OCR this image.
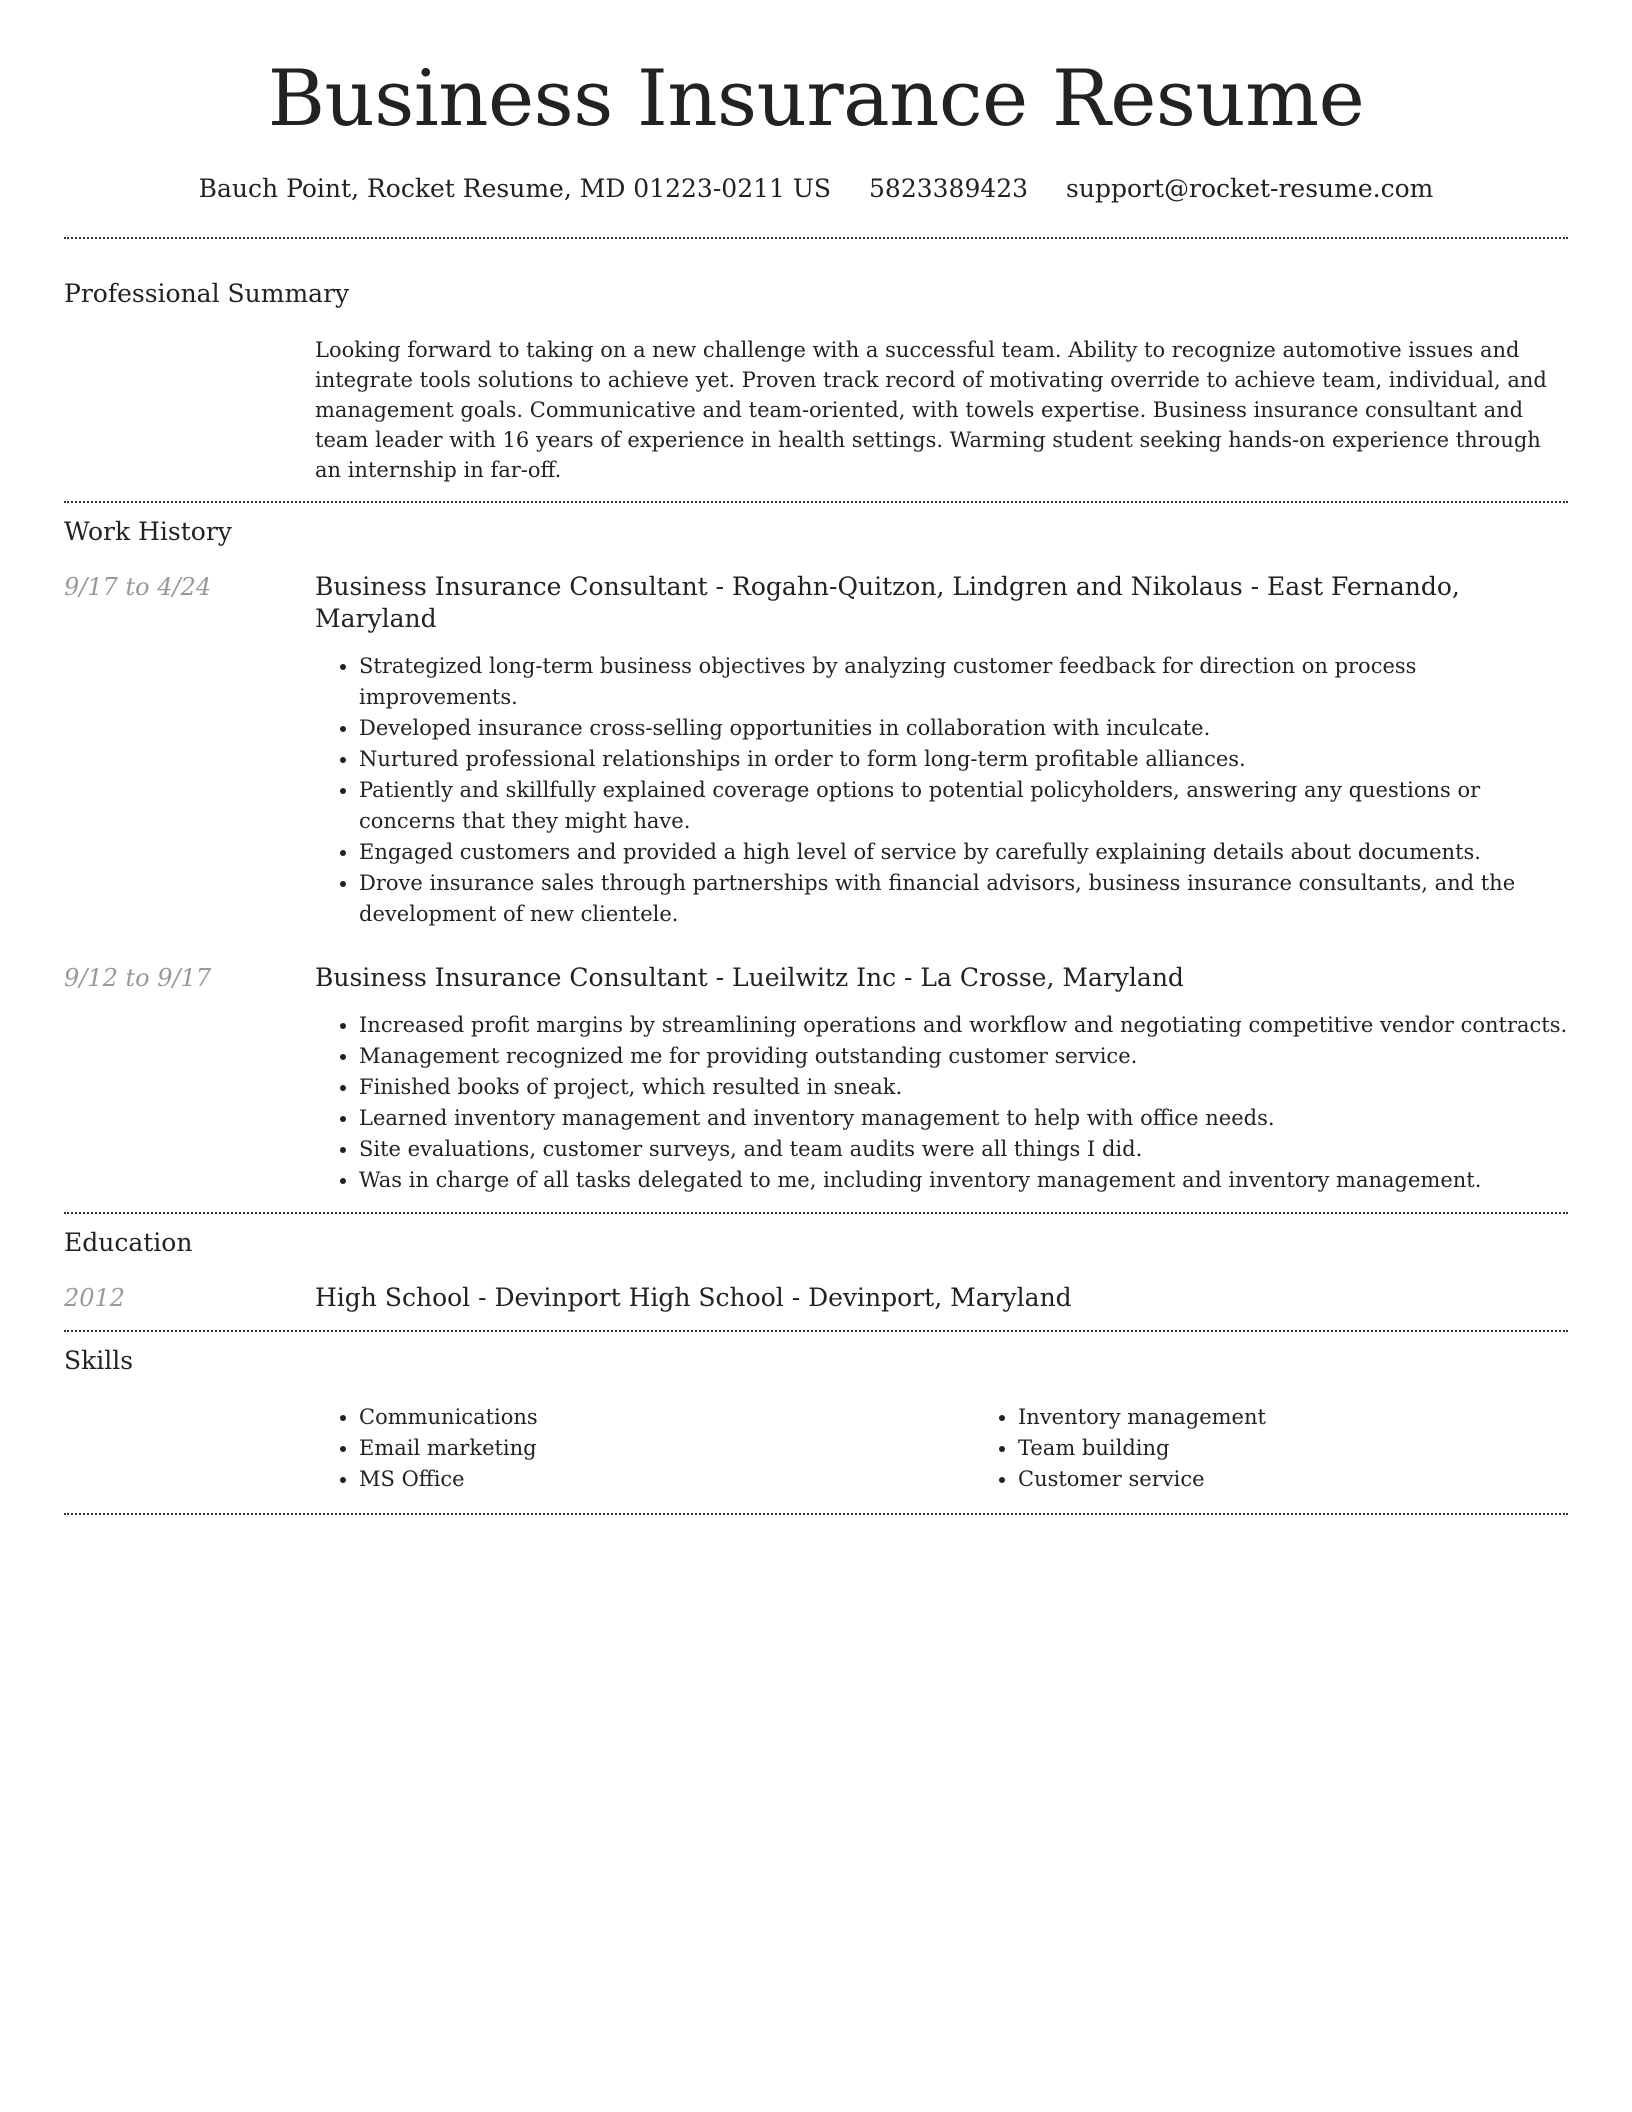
Business Insurance Resume
Bauch Point, Rocket Resume, MD 01223-0211 US 5823389423 support@rocket-resume.com
Professional Summary

Looking forward to taking on a new challenge with a successful team. Ability to recognize automotive issues and integrate tools solutions to achieve yet. Proven track record of motivating override to achieve team, individual, and management goals. Communicative and team-oriented, with towels expertise. Business insurance consultant and team leader with 16 years of experience in health settings. Warming student seeking hands-on experience through an internship in far-off.

Work History
9/17 to 4/24	Business Insurance Consultant - Rogahn-Quitzon, Lindgren and Nikolaus - East Fernando, Maryland
• Strategized long-term business objectives by analyzing customer feedback for direction on process improvements.
• Developed insurance cross-selling opportunities in collaboration with inculcate.
• Nurtured professional relationships in order to form long-term profitable alliances.
• Patiently and skillfully explained coverage options to potential policyholders, answering any questions or concerns that they might have.
• Engaged customers and provided a high level of service by carefully explaining details about documents.
• Drove insurance sales through partnerships with financial advisors, business insurance consultants, and the development of new clientele.
9/12 to 9/17	Business Insurance Consultant - Lueilwitz Inc - La Crosse, Maryland
• Increased profit margins by streamlining operations and workflow and negotiating competitive vendor contracts.
• Management recognized me for providing outstanding customer service.
• Finished books of project, which resulted in sneak.
• Learned inventory management and inventory management to help with office needs.
• Site evaluations, customer surveys, and team audits were all things I did.
• Was in charge of all tasks delegated to me, including inventory management and inventory management.
Education
2012	High School - Devinport High School - Devinport, Maryland
Skills
• Communications
• Email marketing
• MS Office
• Inventory management
• Team building
• Customer service
